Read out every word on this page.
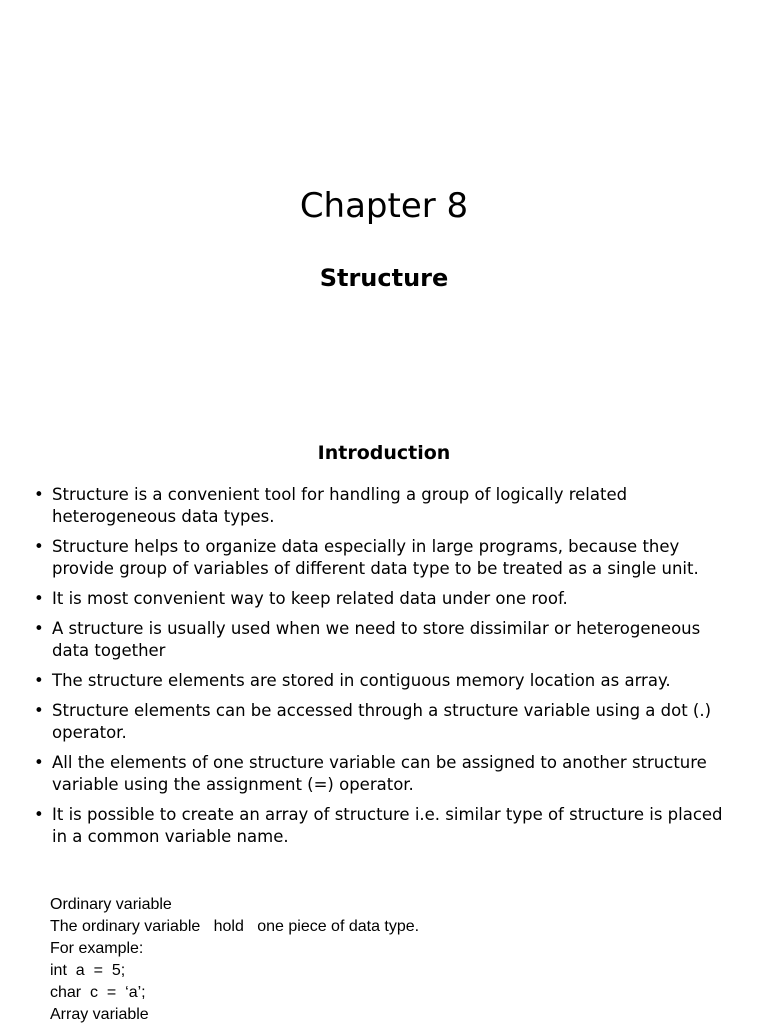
Chapter 8
Structure
Introduction
• Structure is a convenient tool for handling a group of logically related heterogeneous data types.
• Structure helps to organize data especially in large programs, because they provide group of variables of different data type to be treated as a single unit.
• It is most convenient way to keep related data under one roof.
• A structure is usually used when we need to store dissimilar or heterogeneous data together
• The structure elements are stored in contiguous memory location as array.
• Structure elements can be accessed through a structure variable using a dot (.) operator.
• All the elements of one structure variable can be assigned to another structure variable using the assignment (=) operator.
• It is possible to create an array of structure i.e. similar type of structure is placed in a common variable name.
Ordinary variable
The ordinary variable   hold   one piece of data type.
For example:
int  a  =  5;
char  c  =  ‘a’;
Array variable
